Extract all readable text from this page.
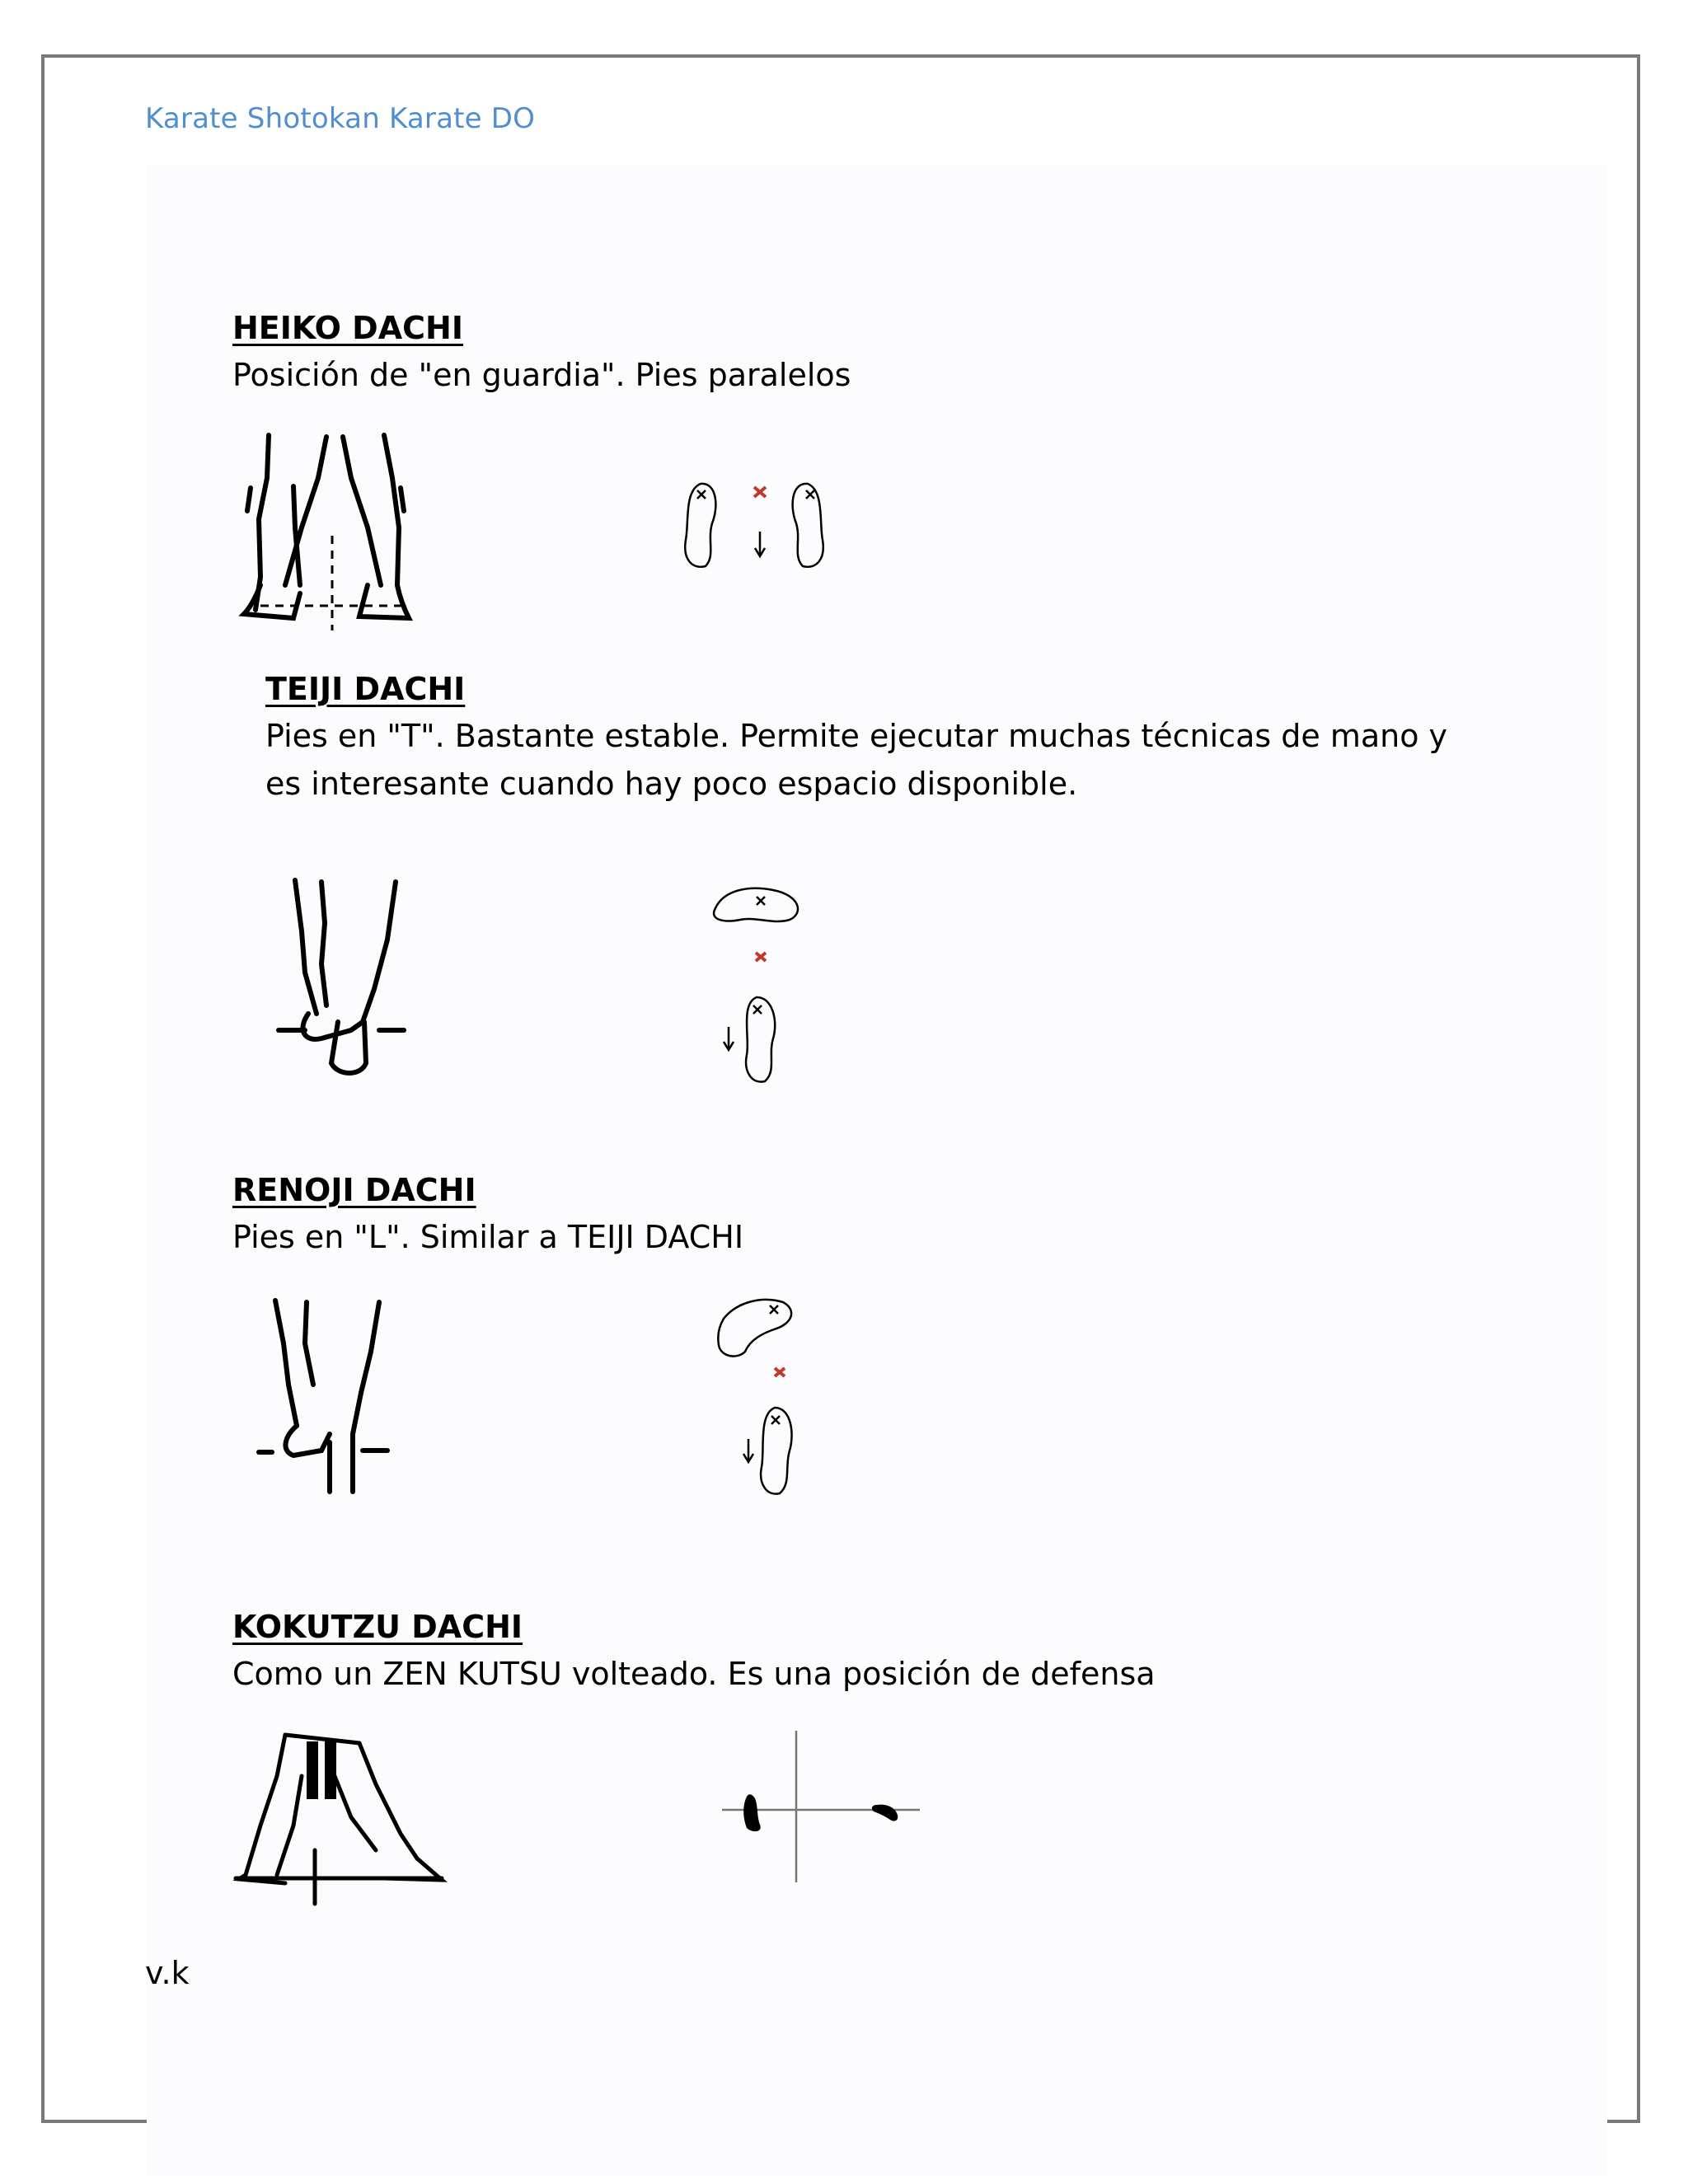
Karate Shotokan Karate DO
HEIKO DACHI

Posición de "en guardia". Pies paralelos

TEIJI DACHI

Pies en "T". Bastante estable. Permite ejecutar muchas técnicas de mano y es interesante cuando hay poco espacio disponible.

RENOJI DACHI

Pies en "L". Similar a TEIJI DACHI

KOKUTZU DACHI

Como un ZEN KUTSU volteado. Es una posición de defensa

v.k
